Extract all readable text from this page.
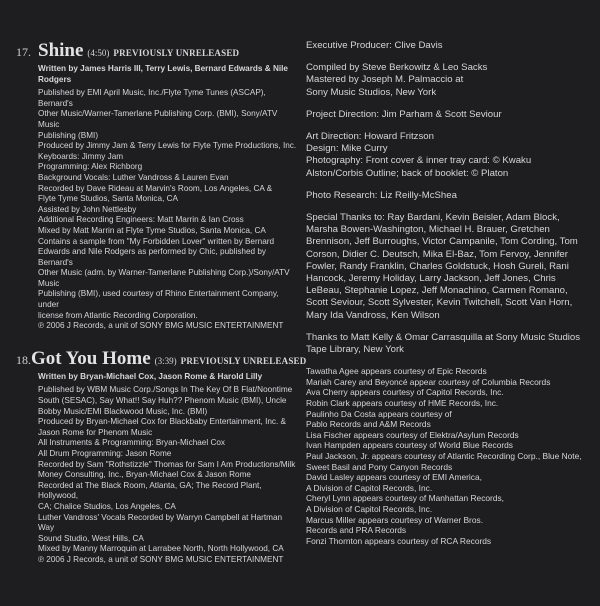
17. Shine (4:50) PREVIOUSLY UNRELEASED
Written by James Harris III, Terry Lewis, Bernard Edwards & Nile Rodgers
Published by EMI April Music, Inc./Flyte Tyme Tunes (ASCAP), Bernard's
Other Music/Warner-Tamerlane Publishing Corp. (BMI), Sony/ATV Music
Publishing (BMI)
Produced by Jimmy Jam & Terry Lewis for Flyte Tyme Productions, Inc.
Keyboards: Jimmy Jam
Programming: Alex Richborg
Background Vocals: Luther Vandross & Lauren Evan
Recorded by Dave Rideau at Marvin's Room, Los Angeles, CA &
Flyte Tyme Studios, Santa Monica, CA
Assisted by John Nettlesby
Additional Recording Engineers: Matt Marrin & Ian Cross
Mixed by Matt Marrin at Flyte Tyme Studios, Santa Monica, CA
Contains a sample from "My Forbidden Lover" written by Bernard
Edwards and Nile Rodgers as performed by Chic, published by Bernard's
Other Music (adm. by Warner-Tamerlane Publishing Corp.)/Sony/ATV Music
Publishing (BMI), used courtesy of Rhino Entertainment Company, under
license from Atlantic Recording Corporation.
℗ 2006 J Records, a unit of SONY BMG MUSIC ENTERTAINMENT
18. Got You Home (3:39) PREVIOUSLY UNRELEASED
Written by Bryan-Michael Cox, Jason Rome & Harold Lilly
Published by WBM Music Corp./Songs In The Key Of B Flat/Noontime
South (SESAC), Say What!! Say Huh?? Phenom Music (BMI), Uncle
Bobby Music/EMI Blackwood Music, Inc. (BMI)
Produced by Bryan-Michael Cox for Blackbaby Entertainment, Inc. &
Jason Rome for Phenom Music
All Instruments & Programming: Bryan-Michael Cox
All Drum Programming: Jason Rome
Recorded by Sam "Rothstizzle" Thomas for Sam I Am Productions/Milk
Money Consulting, Inc., Bryan-Michael Cox & Jason Rome
Recorded at The Black Room, Atlanta, GA; The Record Plant, Hollywood,
CA; Chalice Studios, Los Angeles, CA
Luther Vandross' Vocals Recorded by Warryn Campbell at Hartman Way
Sound Studio, West Hills, CA
Mixed by Manny Marroquin at Larrabee North, North Hollywood, CA
℗ 2006 J Records, a unit of SONY BMG MUSIC ENTERTAINMENT
Executive Producer: Clive Davis
Compiled by Steve Berkowitz & Leo Sacks
Mastered by Joseph M. Palmaccio at
Sony Music Studios, New York
Project Direction: Jim Parham & Scott Seviour
Art Direction: Howard Fritzson
Design: Mike Curry
Photography: Front cover & inner tray card: © Kwaku
Alston/Corbis Outline; back of booklet: © Platon
Photo Research: Liz Reilly-McShea
Special Thanks to: Ray Bardani, Kevin Beisler, Adam Block,
Marsha Bowen-Washington, Michael H. Brauer, Gretchen
Brennison, Jeff Burroughs, Victor Campanile, Tom Cording, Tom
Corson, Didier C. Deutsch, Mika El-Baz, Tom Fervoy, Jennifer
Fowler, Randy Franklin, Charles Goldstuck, Hosh Gureli, Rani
Hancock, Jeremy Holiday, Larry Jackson, Jeff Jones, Chris
LeBeau, Stephanie Lopez, Jeff Monachino, Carmen Romano,
Scott Seviour, Scott Sylvester, Kevin Twitchell, Scott Van Horn,
Mary Ida Vandross, Ken Wilson
Thanks to Matt Kelly & Omar Carrasquilla at Sony Music Studios
Tape Library, New York
Tawatha Agee appears courtesy of Epic Records
Mariah Carey and Beyoncé appear courtesy of Columbia Records
Ava Cherry appears courtesy of Capitol Records, Inc.
Robin Clark appears courtesy of HME Records, Inc.
Paulinho Da Costa appears courtesy of
Pablo Records and A&M Records
Lisa Fischer appears courtesy of Elektra/Asylum Records
Ivan Hampden appears courtesy of World Blue Records
Paul Jackson, Jr. appears courtesy of Atlantic Recording Corp., Blue Note,
Sweet Basil and Pony Canyon Records
David Lasley appears courtesy of EMI America,
A Division of Capitol Records, Inc.
Cheryl Lynn appears courtesy of Manhattan Records,
A Division of Capitol Records, Inc.
Marcus Miller appears courtesy of Warner Bros.
Records and PRA Records
Fonzi Thornton appears courtesy of RCA Records
